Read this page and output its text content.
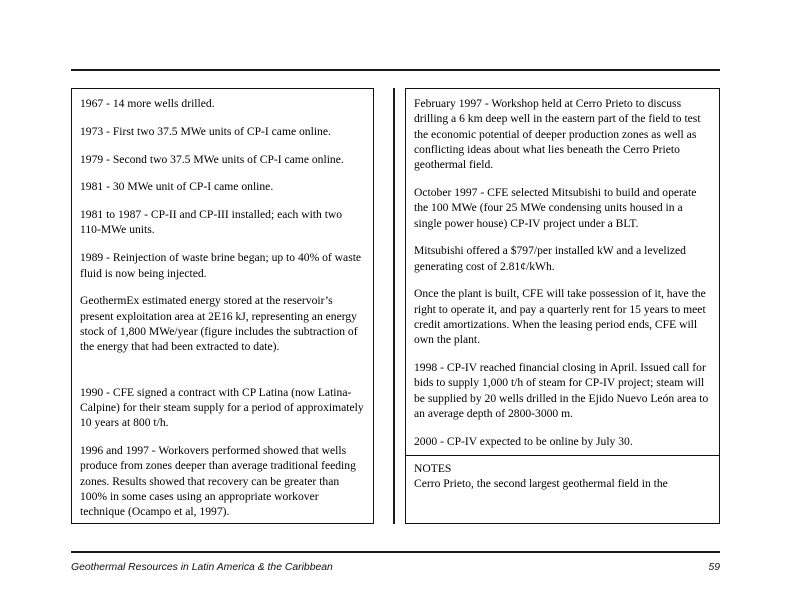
1967 - 14 more wells drilled.

1973 - First two 37.5 MWe units of CP-I came online.

1979 - Second two 37.5 MWe units of CP-I came online.

1981 - 30 MWe unit of CP-I came online.

1981 to 1987 - CP-II and CP-III installed; each with two 110-MWe units.

1989 - Reinjection of waste brine began; up to 40% of waste fluid is now being injected.

GeothermEx estimated energy stored at the reservoir’s present exploitation area at 2E16 kJ, representing an energy stock of 1,800 MWe/year (figure includes the subtraction of the energy that had been extracted to date).

1990 - CFE signed a contract with CP Latina (now Latina-Calpine) for their steam supply for a period of approximately 10 years at 800 t/h.

1996 and 1997 - Workovers performed showed that wells produce from zones deeper than average traditional feeding zones. Results showed that recovery can be greater than 100% in some cases using an appropriate workover technique (Ocampo et al, 1997).

February 1997 - Workshop held at Cerro Prieto to discuss drilling a 6 km deep well in the eastern part of the field to test the economic potential of deeper production zones as well as conflicting ideas about what lies beneath the Cerro Prieto geothermal field.

October 1997 - CFE selected Mitsubishi to build and operate the 100 MWe (four 25 MWe condensing units housed in a single power house) CP-IV project under a BLT.

Mitsubishi offered a $797/per installed kW and a levelized generating cost of 2.81¢/kWh.

Once the plant is built, CFE will take possession of it, have the right to operate it, and pay a quarterly rent for 15 years to meet credit amortizations. When the leasing period ends, CFE will own the plant.

1998 - CP-IV reached financial closing in April. Issued call for bids to supply 1,000 t/h of steam for CP-IV project; steam will be supplied by 20 wells drilled in the Ejido Nuevo León area to an average depth of 2800-3000 m.

2000 - CP-IV expected to be online by July 30.

NOTES

Cerro Prieto, the second largest geothermal field in the

Geothermal Resources in Latin America & the Caribbean	59
